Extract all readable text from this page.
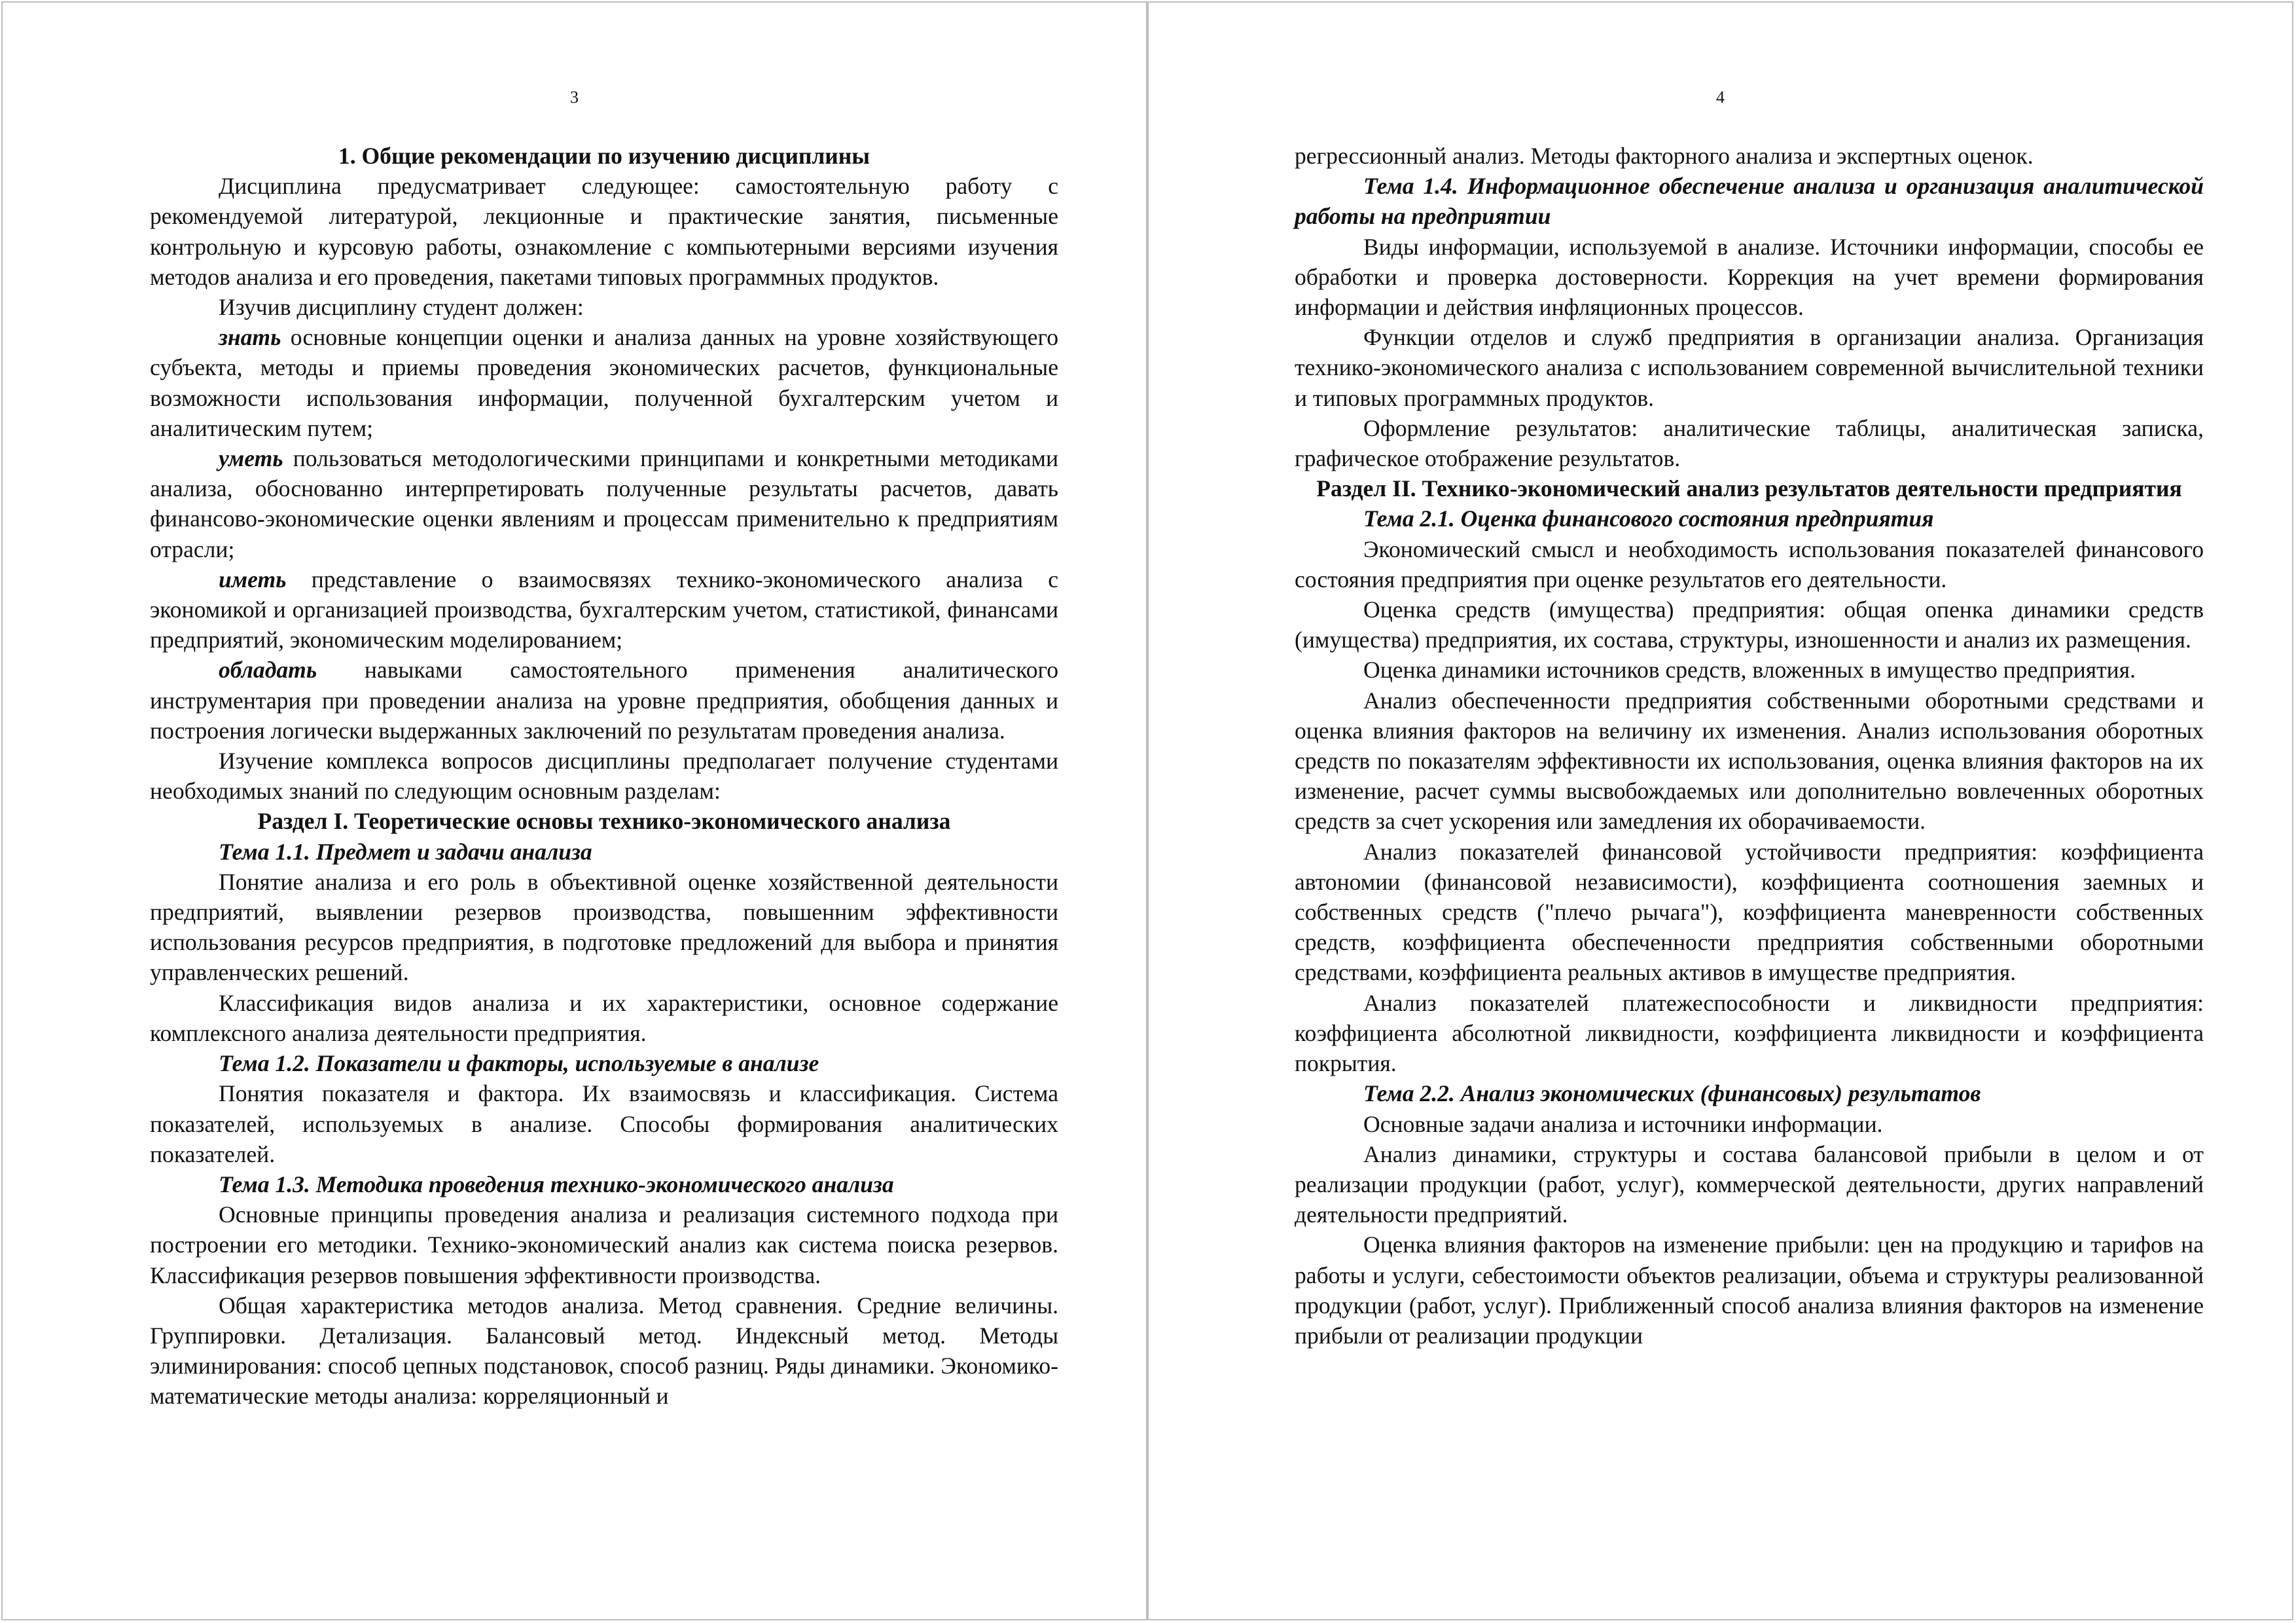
3

1. Общие рекомендации по изучению дисциплины

Дисциплина предусматривает следующее: самостоятельную работу с рекомендуемой литературой, лекционные и практические занятия, письменные контрольную и курсовую работы, ознакомление с компьютерными версиями изучения методов анализа и его проведения, пакетами типовых программных продуктов.

Изучив дисциплину студент должен:

знать основные концепции оценки и анализа данных на уровне хозяйствующего субъекта, методы и приемы проведения экономических расчетов, функциональные возможности использования информации, полученной бухгалтерским учетом и аналитическим путем;

уметь пользоваться методологическими принципами и конкретными методиками анализа, обоснованно интерпретировать полученные результаты расчетов, давать финансово-экономические оценки явлениям и процессам применительно к предприятиям отрасли;

иметь представление о взаимосвязях технико-экономического анализа с экономикой и организацией производства, бухгалтерским учетом, статистикой, финансами предприятий, экономическим моделированием;

обладать навыками самостоятельного применения аналитического инструментария при проведении анализа на уровне предприятия, обобщения данных и построения логически выдержанных заключений по результатам проведения анализа.

Изучение комплекса вопросов дисциплины предполагает получение студентами необходимых знаний по следующим основным разделам:

Раздел I. Теоретические основы технико-экономического анализа

Тема 1.1. Предмет и задачи анализа

Понятие анализа и его роль в объективной оценке хозяйственной деятельности предприятий, выявлении резервов производства, повышенним эффективности использования ресурсов предприятия, в подготовке предложений для выбора и принятия управленческих решений.

Классификация видов анализа и их характеристики, основное содержание комплексного анализа деятельности предприятия.

Тема 1.2. Показатели и факторы, используемые в анализе

Понятия показателя и фактора. Их взаимосвязь и классификация. Система показателей, используемых в анализе. Способы формирования аналитических показателей.

Тема 1.3. Методика проведения технико-экономического анализа

Основные принципы проведения анализа и реализация системного подхода при построении его методики. Технико-экономический анализ как система поиска резервов. Классификация резервов повышения эффективности производства.

Общая характеристика методов анализа. Метод сравнения. Средние величины. Группировки. Детализация. Балансовый метод. Индексный метод. Методы элиминирования: способ цепных подстановок, способ разниц. Ряды динамики. Экономико-математические методы анализа: корреляционный и

4

регрессионный анализ. Методы факторного анализа и экспертных оценок.

Тема 1.4. Информационное обеспечение анализа и организация аналитической работы на предприятии

Виды информации, используемой в анализе. Источники информации, способы ее обработки и проверка достоверности. Коррекция на учет времени формирования информации и действия инфляционных процессов.

Функции отделов и служб предприятия в организации анализа. Организация технико-экономического анализа с использованием современной вычислительной техники и типовых программных продуктов.

Оформление результатов: аналитические таблицы, аналитическая записка, графическое отображение результатов.

Раздел II. Технико-экономический анализ результатов деятельности предприятия

Тема 2.1. Оценка финансового состояния предприятия

Экономический смысл и необходимость использования показателей финансового состояния предприятия при оценке результатов его деятельности.

Оценка средств (имущества) предприятия: общая опенка динамики средств (имущества) предприятия, их состава, структуры, изношенности и анализ их размещения.

Оценка динамики источников средств, вложенных в имущество предприятия.

Анализ обеспеченности предприятия собственными оборотными средствами и оценка влияния факторов на величину их изменения. Анализ использования оборотных средств по показателям эффективности их использования, оценка влияния факторов на их изменение, расчет суммы высвобождаемых или дополнительно вовлеченных оборотных средств за счет ускорения или замедления их оборачиваемости.

Анализ показателей финансовой устойчивости предприятия: коэффициента автономии (финансовой независимости), коэффициента соотношения заемных и собственных средств ("плечо рычага"), коэффициента маневренности собственных средств, коэффициента обеспеченности предприятия собственными оборотными средствами, коэффициента реальных активов в имуществе предприятия.

Анализ показателей платежеспособности и ликвидности предприятия: коэффициента абсолютной ликвидности, коэффициента ликвидности и коэффициента покрытия.

Тема 2.2. Анализ экономических (финансовых) результатов

Основные задачи анализа и источники информации.

Анализ динамики, структуры и состава балансовой прибыли в целом и от реализации продукции (работ, услуг), коммерческой деятельности, других направлений деятельности предприятий.

Оценка влияния факторов на изменение прибыли: цен на продукцию и тарифов на работы и услуги, себестоимости объектов реализации, объема и структуры реализованной продукции (работ, услуг). Приближенный способ анализа влияния факторов на изменение прибыли от реализации продукции
